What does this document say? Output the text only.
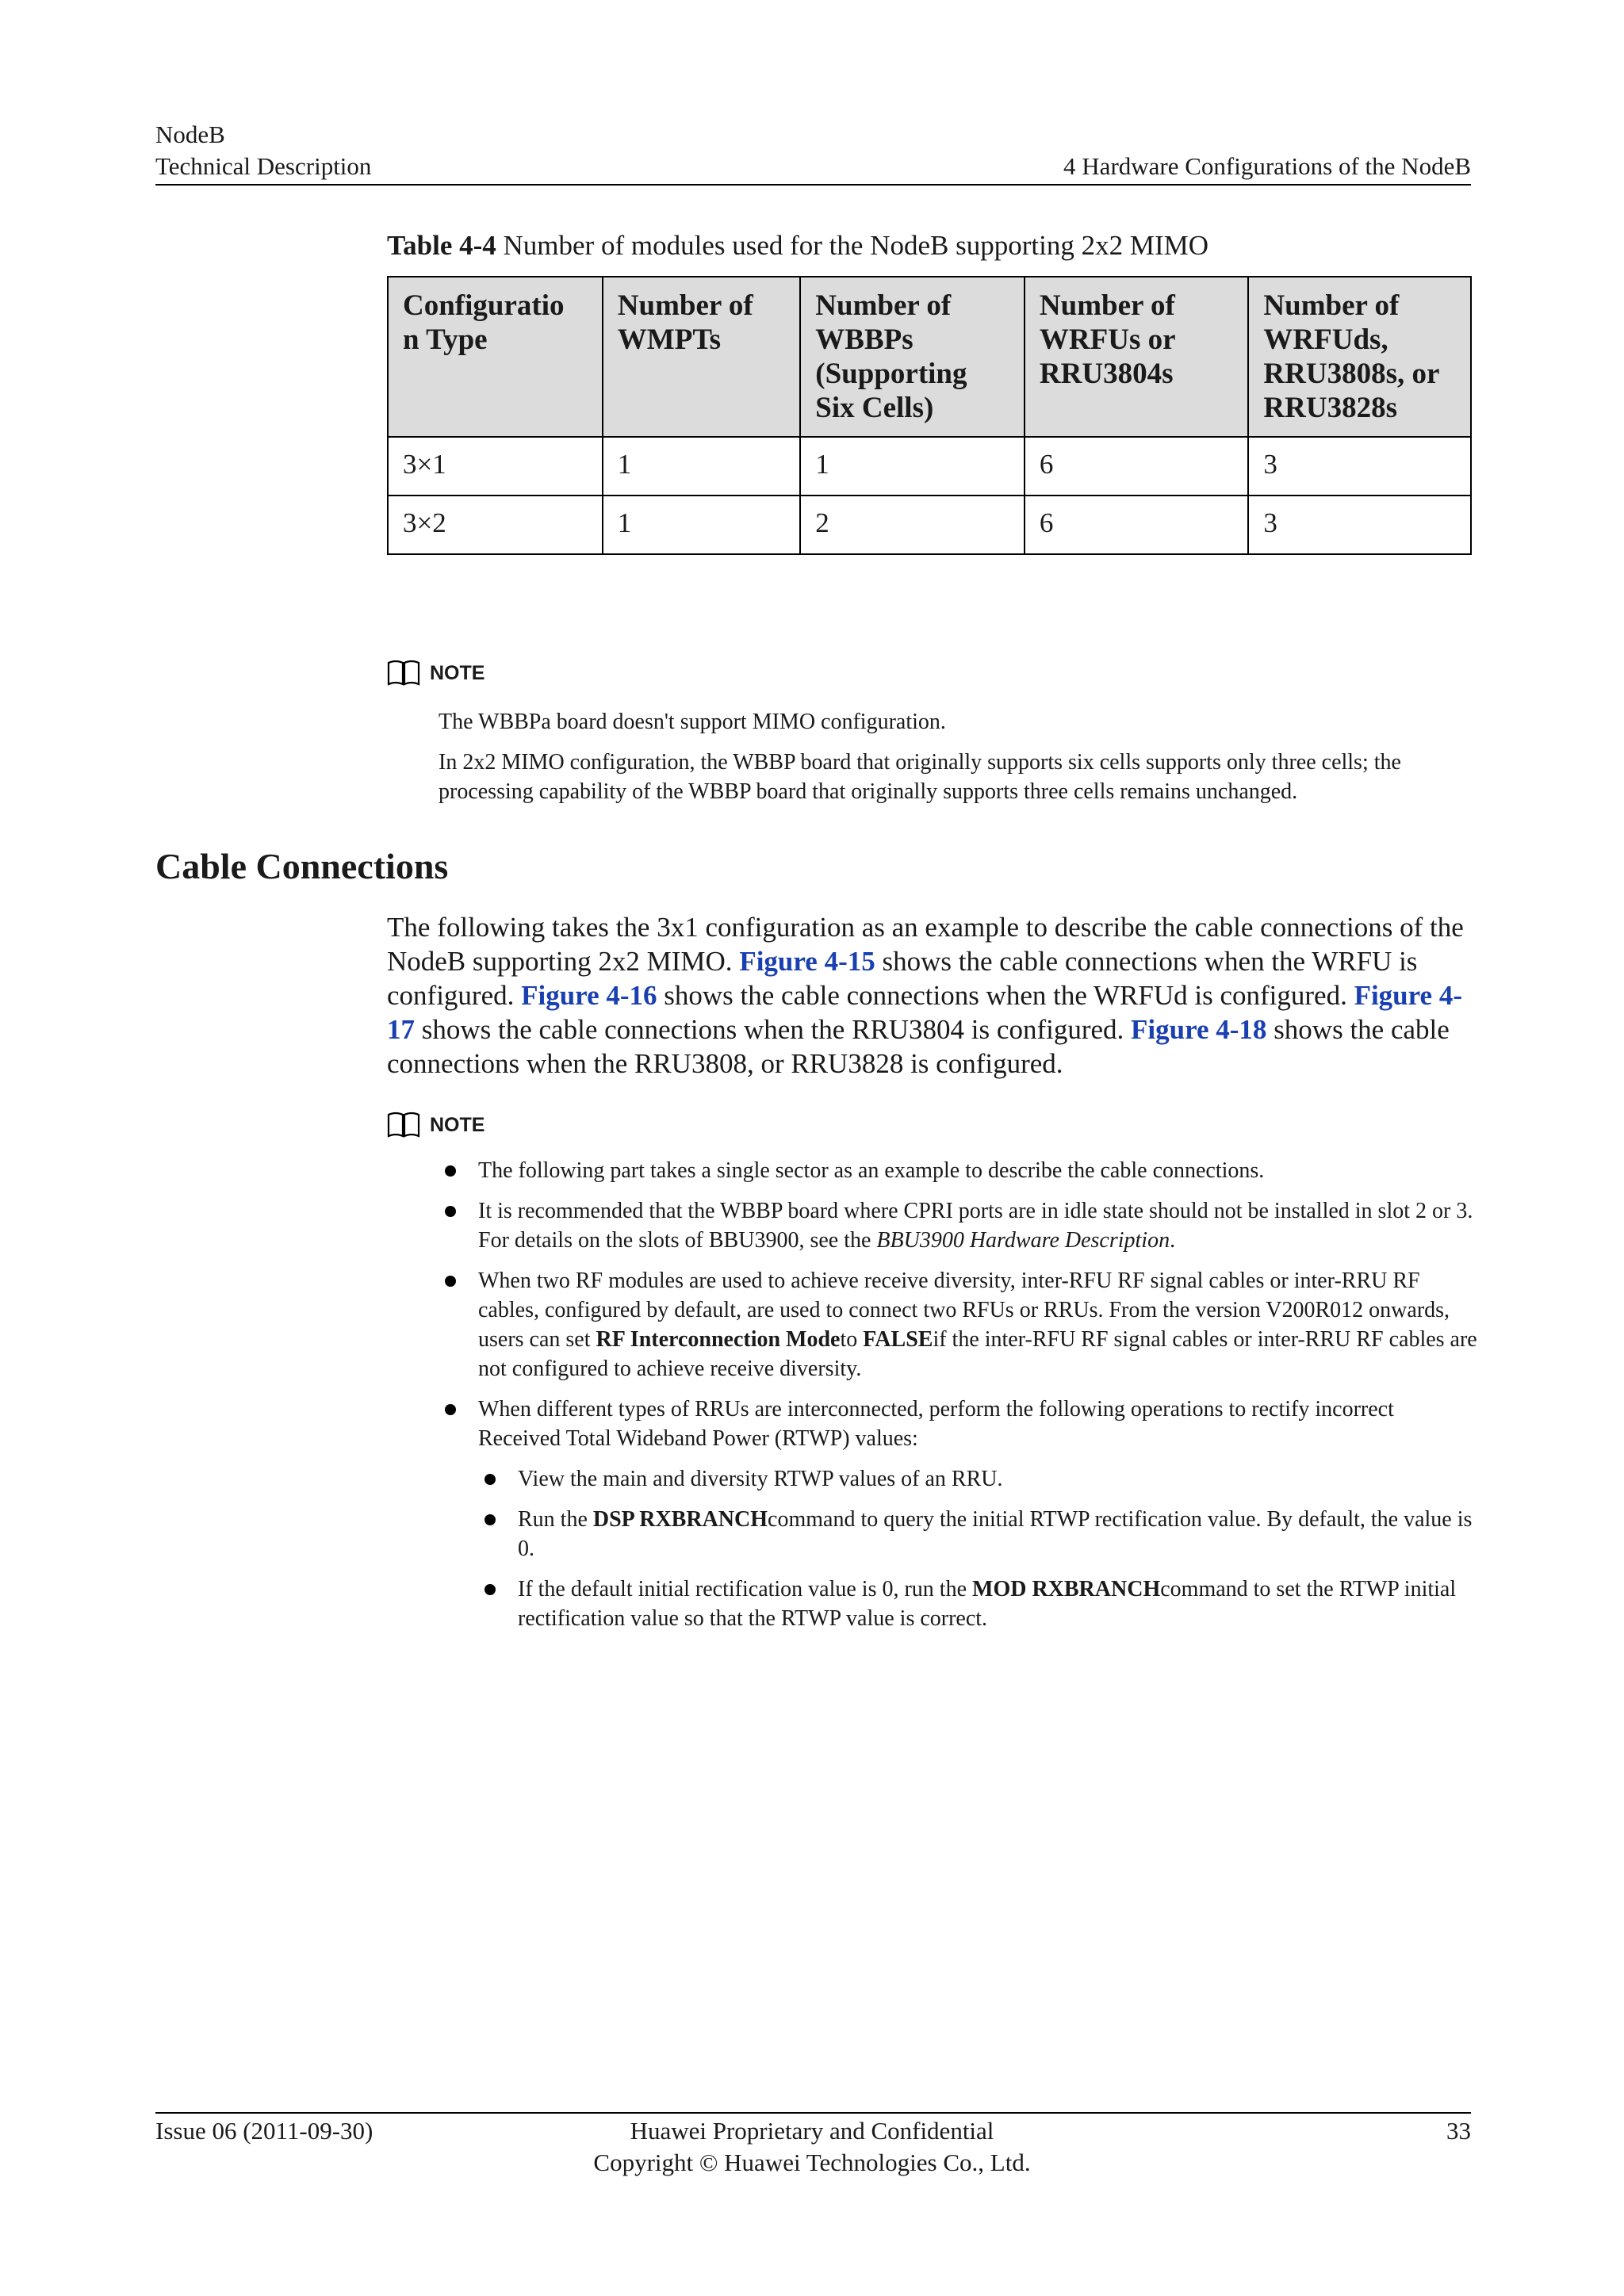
NodeB
Technical Description	4 Hardware Configurations of the NodeB
Table 4-4 Number of modules used for the NodeB supporting 2x2 MIMO
Configuratio n Type	Number of WMPTs	Number of WBBPs (Supporting Six Cells)	Number of WRFUs or RRU3804s	Number of WRFUds, RRU3808s, or RRU3828s
3×1	1	1	6	3
3×2	1	2	6	3
NOTE

The WBBPa board doesn't support MIMO configuration.

In 2x2 MIMO configuration, the WBBP board that originally supports six cells supports only three cells; the processing capability of the WBBP board that originally supports three cells remains unchanged.

Cable Connections
The following takes the 3x1 configuration as an example to describe the cable connections of the NodeB supporting 2x2 MIMO. Figure 4-15 shows the cable connections when the WRFU is configured. Figure 4-16 shows the cable connections when the WRFUd is configured. Figure 4-17 shows the cable connections when the RRU3804 is configured. Figure 4-18 shows the cable connections when the RRU3808, or RRU3828 is configured.
NOTE
The following part takes a single sector as an example to describe the cable connections.
It is recommended that the WBBP board where CPRI ports are in idle state should not be installed in slot 2 or 3. For details on the slots of BBU3900, see the BBU3900 Hardware Description.
When two RF modules are used to achieve receive diversity, inter-RFU RF signal cables or inter-RRU RF cables, configured by default, are used to connect two RFUs or RRUs. From the version V200R012 onwards, users can set RF Interconnection Modeto FALSEif the inter-RFU RF signal cables or inter-RRU RF cables are not configured to achieve receive diversity.
When different types of RRUs are interconnected, perform the following operations to rectify incorrect Received Total Wideband Power (RTWP) values:
View the main and diversity RTWP values of an RRU.
Run the DSP RXBRANCHcommand to query the initial RTWP rectification value. By default, the value is 0.
If the default initial rectification value is 0, run the MOD RXBRANCHcommand to set the RTWP initial rectification value so that the RTWP value is correct.
Issue 06 (2011-09-30)	Huawei Proprietary and Confidential
Copyright © Huawei Technologies Co., Ltd.
33
